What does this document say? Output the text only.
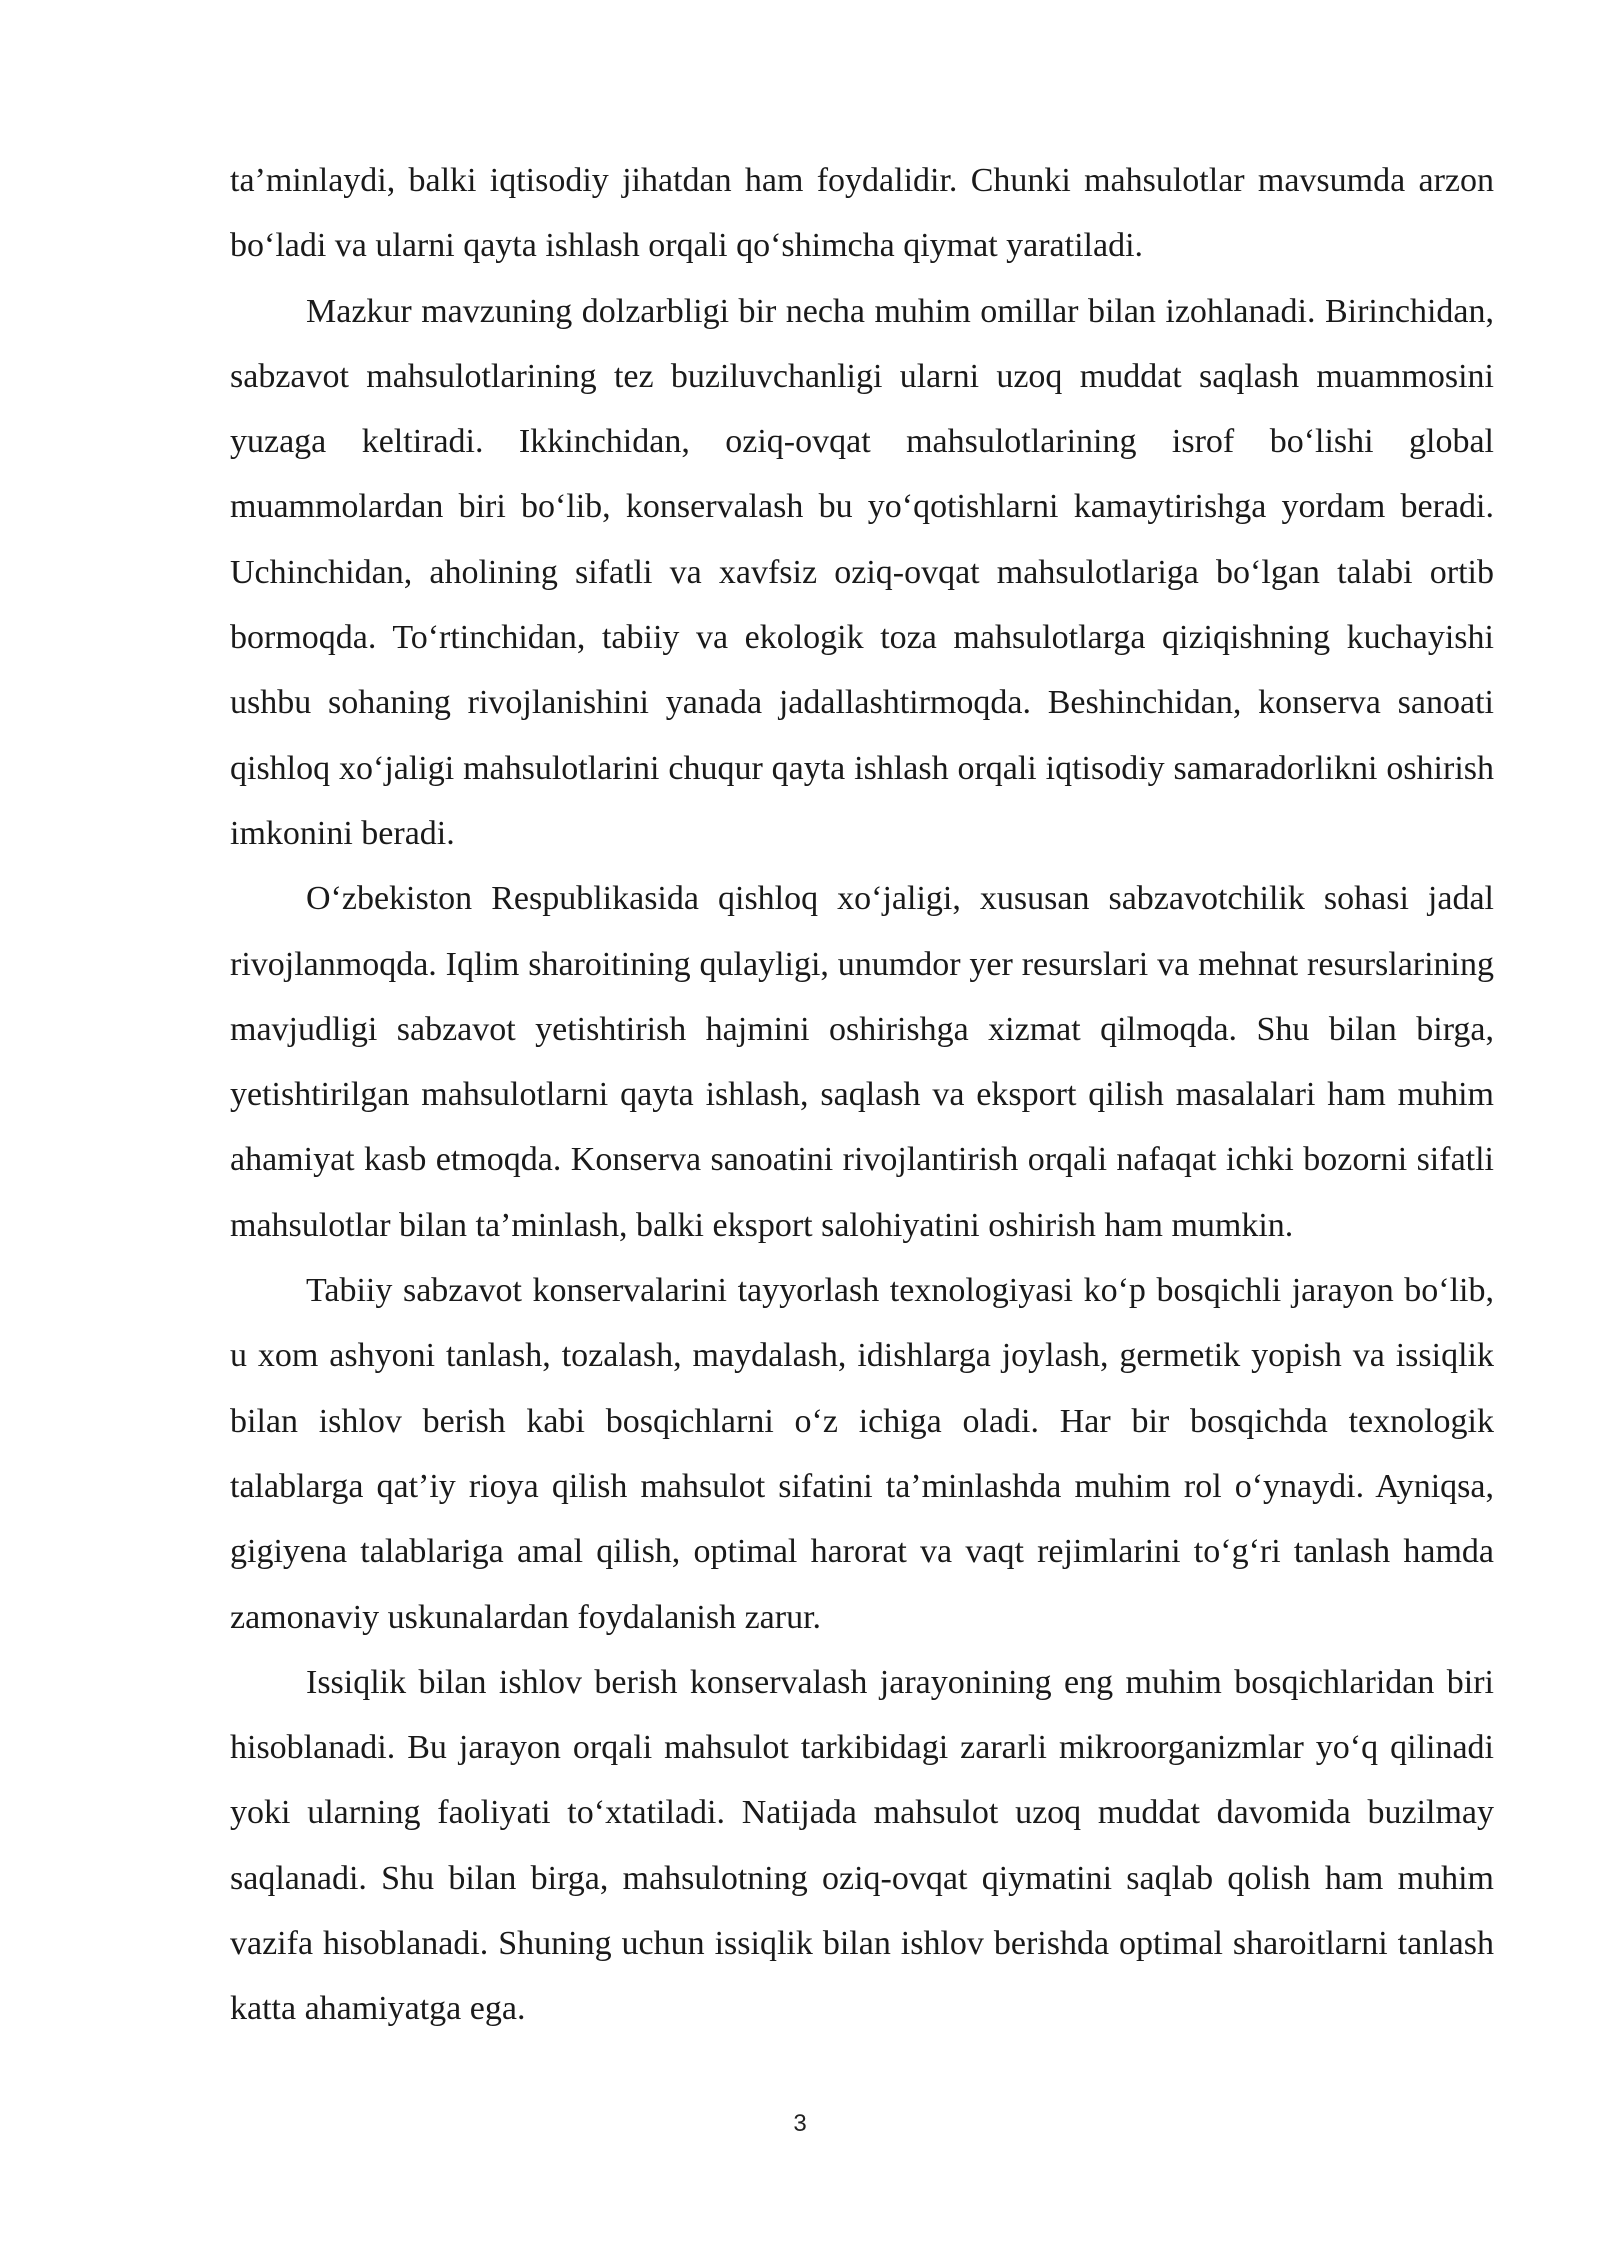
ta’minlaydi, balki iqtisodiy jihatdan ham foydalidir. Chunki mahsulotlar mavsumda arzon bo‘ladi va ularni qayta ishlash orqali qo‘shimcha qiymat yaratiladi.

Mazkur mavzuning dolzarbligi bir necha muhim omillar bilan izohlanadi. Birinchidan, sabzavot mahsulotlarining tez buziluvchanligi ularni uzoq muddat saqlash muammosini yuzaga keltiradi. Ikkinchidan, oziq-ovqat mahsulotlarining isrof bo‘lishi global muammolardan biri bo‘lib, konservalash bu yo‘qotishlarni kamaytirishga yordam beradi. Uchinchidan, aholining sifatli va xavfsiz oziq-ovqat mahsulotlariga bo‘lgan talabi ortib bormoqda. To‘rtinchidan, tabiiy va ekologik toza mahsulotlarga qiziqishning kuchayishi ushbu sohaning rivojlanishini yanada jadallashtirmoqda. Beshinchidan, konserva sanoati qishloq xo‘jaligi mahsulotlarini chuqur qayta ishlash orqali iqtisodiy samaradorlikni oshirish imkonini beradi.

O‘zbekiston Respublikasida qishloq xo‘jaligi, xususan sabzavotchilik sohasi jadal rivojlanmoqda. Iqlim sharoitining qulayligi, unumdor yer resurslari va mehnat resurslarining mavjudligi sabzavot yetishtirish hajmini oshirishga xizmat qilmoqda. Shu bilan birga, yetishtirilgan mahsulotlarni qayta ishlash, saqlash va eksport qilish masalalari ham muhim ahamiyat kasb etmoqda. Konserva sanoatini rivojlantirish orqali nafaqat ichki bozorni sifatli mahsulotlar bilan ta’minlash, balki eksport salohiyatini oshirish ham mumkin.

Tabiiy sabzavot konservalarini tayyorlash texnologiyasi ko‘p bosqichli jarayon bo‘lib, u xom ashyoni tanlash, tozalash, maydalash, idishlarga joylash, germetik yopish va issiqlik bilan ishlov berish kabi bosqichlarni o‘z ichiga oladi. Har bir bosqichda texnologik talablarga qat’iy rioya qilish mahsulot sifatini ta’minlashda muhim rol o‘ynaydi. Ayniqsa, gigiyena talablariga amal qilish, optimal harorat va vaqt rejimlarini to‘g‘ri tanlash hamda zamonaviy uskunalardan foydalanish zarur.

Issiqlik bilan ishlov berish konservalash jarayonining eng muhim bosqichlaridan biri hisoblanadi. Bu jarayon orqali mahsulot tarkibidagi zararli mikroorganizmlar yo‘q qilinadi yoki ularning faoliyati to‘xtatiladi. Natijada mahsulot uzoq muddat davomida buzilmay saqlanadi. Shu bilan birga, mahsulotning oziq-ovqat qiymatini saqlab qolish ham muhim vazifa hisoblanadi. Shuning uchun issiqlik bilan ishlov berishda optimal sharoitlarni tanlash katta ahamiyatga ega.

3
